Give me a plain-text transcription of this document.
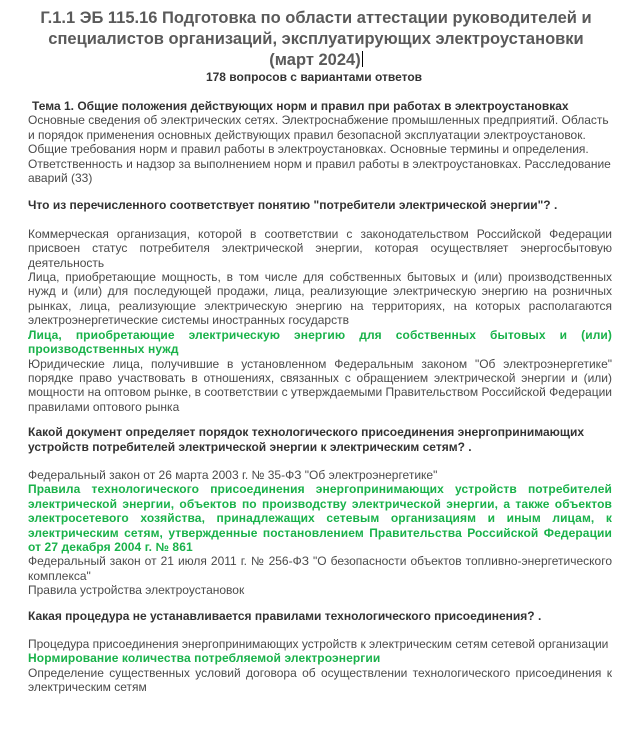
Г.1.1 ЭБ 115.16 Подготовка по области аттестации руководителей и специалистов организаций, эксплуатирующих электроустановки (март 2024)

178 вопросов с вариантами ответов

Тема 1. Общие положения действующих норм и правил при работах в электроустановках

Основные сведения об электрических сетях. Электроснабжение промышленных предприятий. Область и порядок применения основных действующих правил безопасной эксплуатации электроустановок. Общие требования норм и правил работы в электроустановках. Основные термины и определения. Ответственность и надзор за выполнением норм и правил работы в электроустановках. Расследование аварий (33)

Что из перечисленного соответствует понятию "потребители электрической энергии"? .

Коммерческая организация, которой в соответствии с законодательством Российской Федерации присвоен статус потребителя электрической энергии, которая осуществляет энергосбытовую деятельность

Лица, приобретающие мощность, в том числе для собственных бытовых и (или) производственных нужд и (или) для последующей продажи, лица, реализующие электрическую энергию на розничных рынках, лица, реализующие электрическую энергию на территориях, на которых располагаются электроэнергетические системы иностранных государств

Лица, приобретающие электрическую энергию для собственных бытовых и (или) производственных нужд

Юридические лица, получившие в установленном Федеральным законом "Об электроэнергетике" порядке право участвовать в отношениях, связанных с обращением электрической энергии и (или) мощности на оптовом рынке, в соответствии с утверждаемыми Правительством Российской Федерации правилами оптового рынка

Какой документ определяет порядок технологического присоединения энергопринимающих устройств потребителей электрической энергии к электрическим сетям? .

Федеральный закон от 26 марта 2003 г. № 35-ФЗ "Об электроэнергетике"

Правила технологического присоединения энергопринимающих устройств потребителей электрической энергии, объектов по производству электрической энергии, а также объектов электросетевого хозяйства, принадлежащих сетевым организациям и иным лицам, к электрическим сетям, утвержденные постановлением Правительства Российской Федерации от 27 декабря 2004 г. № 861

Федеральный закон от 21 июля 2011 г. № 256-ФЗ "О безопасности объектов топливно-энергетического комплекса"

Правила устройства электроустановок

Какая процедура не устанавливается правилами технологического присоединения? .

Процедура присоединения энергопринимающих устройств к электрическим сетям сетевой организации

Нормирование количества потребляемой электроэнергии

Определение существенных условий договора об осуществлении технологического присоединения к электрическим сетям
